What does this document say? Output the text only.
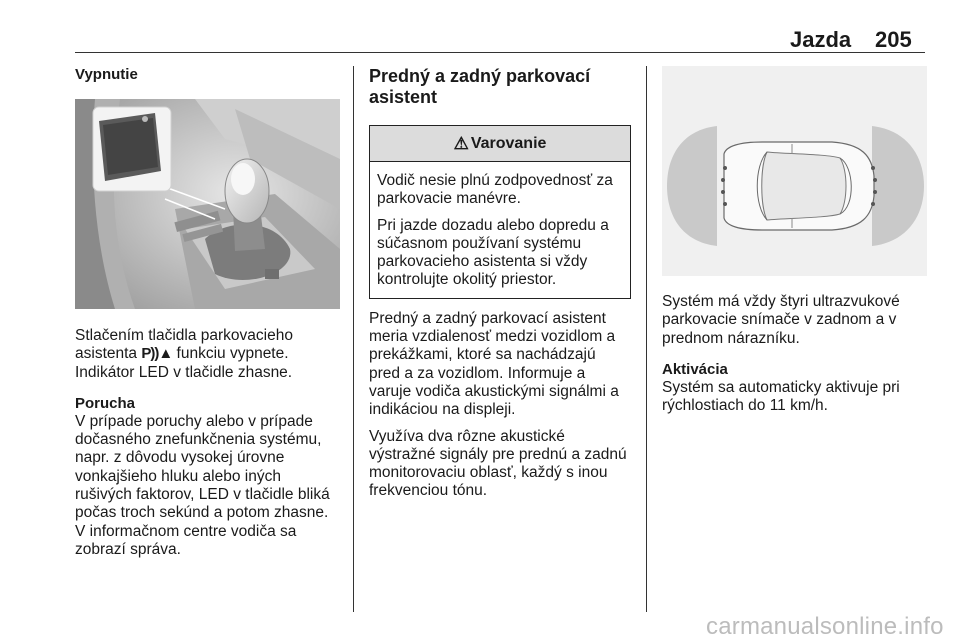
Jazda 205

Vypnutie

Stlačením tlačidla parkovacieho
asistenta P))▲ funkciu vypnete.
Indikátor LED v tlačidle zhasne.

Porucha

V prípade poruchy alebo v prípade
dočasného znefunkčnenia systému,
napr. z dôvodu vysokej úrovne
vonkajšieho hluku alebo iných
rušivých faktorov, LED v tlačidle bliká
počas troch sekúnd a potom zhasne.
V informačnom centre vodiča sa
zobrazí správa.

Predný a zadný parkovací
asistent

⚠ Varovanie

Vodič nesie plnú zodpovednosť za
parkovacie manévre.

Pri jazde dozadu alebo dopredu a
súčasnom používaní systému
parkovacieho asistenta si vždy
kontrolujte okolitý priestor.

Predný a zadný parkovací asistent
meria vzdialenosť medzi vozidlom a
prekážkami, ktoré sa nachádzajú
pred a za vozidlom. Informuje a
varuje vodiča akustickými signálmi a
indikáciou na displeji.

Využíva dva rôzne akustické
výstražné signály pre prednú a zadnú
monitorovaciu oblasť, každý s inou
frekvenciou tónu.

Systém má vždy štyri ultrazvukové
parkovacie snímače v zadnom a v
prednom nárazníku.

Aktivácia

Systém sa automaticky aktivuje pri
rýchlostiach do 11 km/h.

carmanualsonline.info
